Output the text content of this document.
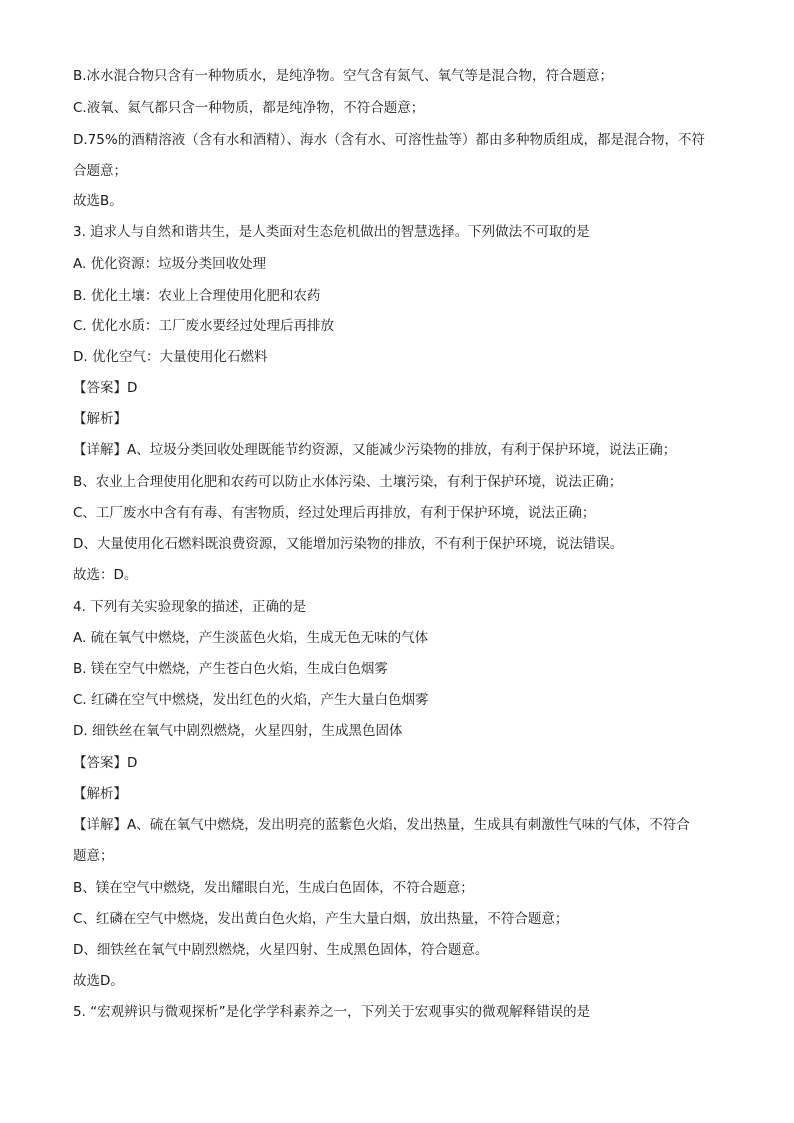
B.冰水混合物只含有一种物质水，是纯净物。空气含有氮气、氧气等是混合物，符合题意；
C.液氧、氦气都只含一种物质，都是纯净物，不符合题意；
D.75%的酒精溶液（含有水和酒精）、海水（含有水、可溶性盐等）都由多种物质组成，都是混合物，不符
合题意；
故选B。
3. 追求人与自然和谐共生，是人类面对生态危机做出的智慧选择。下列做法不可取的是
A. 优化资源：垃圾分类回收处理
B. 优化土壤：农业上合理使用化肥和农药
C. 优化水质：工厂废水要经过处理后再排放
D. 优化空气：大量使用化石燃料
【答案】D
【解析】
【详解】A、垃圾分类回收处理既能节约资源，又能减少污染物的排放，有利于保护环境，说法正确；
B、农业上合理使用化肥和农药可以防止水体污染、土壤污染，有利于保护环境，说法正确；
C、工厂废水中含有有毒、有害物质，经过处理后再排放，有利于保护环境，说法正确；
D、大量使用化石燃料既浪费资源，又能增加污染物的排放，不有利于保护环境，说法错误。
故选：D。
4. 下列有关实验现象的描述，正确的是
A. 硫在氧气中燃烧，产生淡蓝色火焰，生成无色无味的气体
B. 镁在空气中燃烧，产生苍白色火焰，生成白色烟雾
C. 红磷在空气中燃烧，发出红色的火焰，产生大量白色烟雾
D. 细铁丝在氧气中剧烈燃烧，火星四射，生成黑色固体
【答案】D
【解析】
【详解】A、硫在氧气中燃烧，发出明亮的蓝紫色火焰，发出热量，生成具有刺激性气味的气体，不符合
题意；
B、镁在空气中燃烧，发出耀眼白光，生成白色固体，不符合题意；
C、红磷在空气中燃烧，发出黄白色火焰，产生大量白烟，放出热量，不符合题意；
D、细铁丝在氧气中剧烈燃烧，火星四射、生成黑色固体，符合题意。
故选D。
5. “宏观辨识与微观探析”是化学学科素养之一，下列关于宏观事实的微观解释错误的是
